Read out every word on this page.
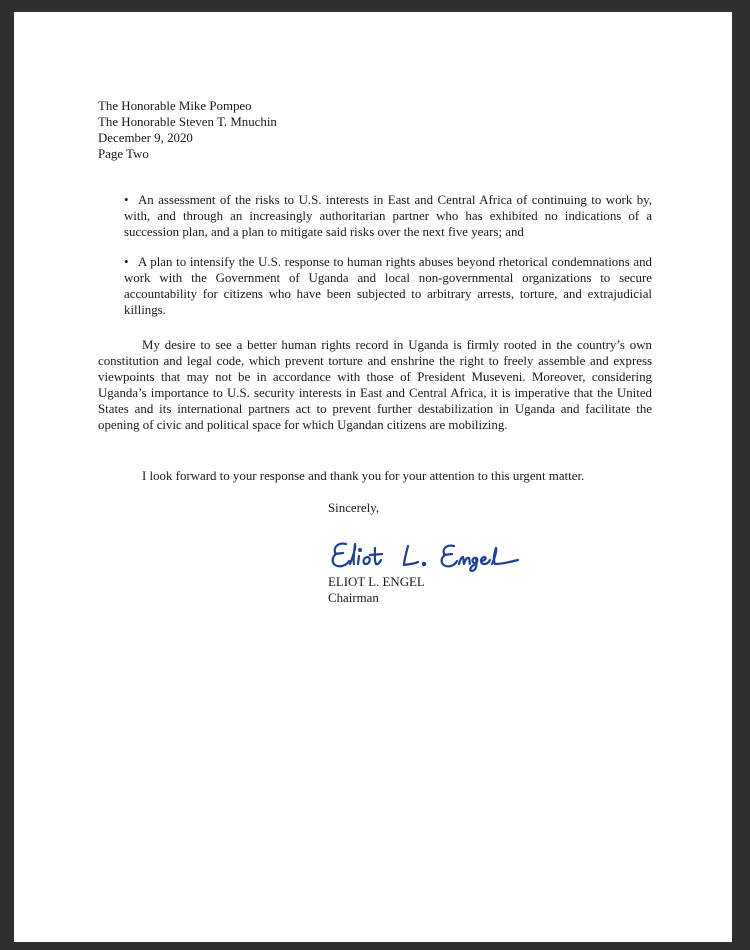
The Honorable Mike Pompeo
The Honorable Steven T. Mnuchin
December 9, 2020
Page Two
• An assessment of the risks to U.S. interests in East and Central Africa of continuing to work by, with, and through an increasingly authoritarian partner who has exhibited no indications of a succession plan, and a plan to mitigate said risks over the next five years; and
• A plan to intensify the U.S. response to human rights abuses beyond rhetorical condemnations and work with the Government of Uganda and local non-governmental organizations to secure accountability for citizens who have been subjected to arbitrary arrests, torture, and extrajudicial killings.
My desire to see a better human rights record in Uganda is firmly rooted in the country’s own constitution and legal code, which prevent torture and enshrine the right to freely assemble and express viewpoints that may not be in accordance with those of President Museveni. Moreover, considering Uganda’s importance to U.S. security interests in East and Central Africa, it is imperative that the United States and its international partners act to prevent further destabilization in Uganda and facilitate the opening of civic and political space for which Ugandan citizens are mobilizing.
I look forward to your response and thank you for your attention to this urgent matter.
Sincerely,
ELIOT L. ENGEL
Chairman
